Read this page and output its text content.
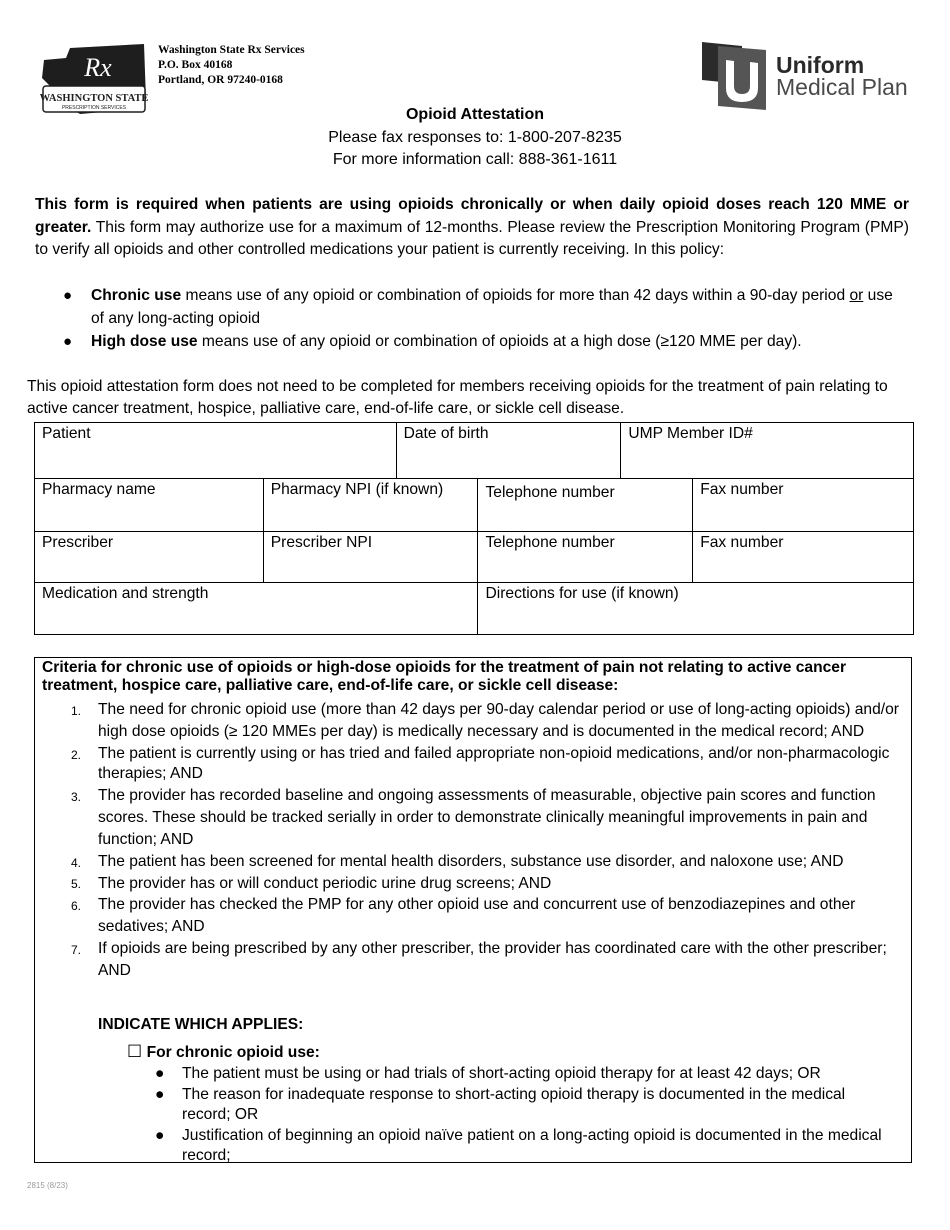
Rx
WASHINGTON STATE
PRESCRIPTION SERVICES
Washington State Rx Services
P.O. Box 40168
Portland, OR 97240-0168
Uniform
Medical Plan
Opioid Attestation
Please fax responses to: 1-800-207-8235
For more information call: 888-361-1611
This form is required when patients are using opioids chronically or when daily opioid doses reach 120 MME or greater. This form may authorize use for a maximum of 12-months. Please review the Prescription Monitoring Program (PMP) to verify all opioids and other controlled medications your patient is currently receiving. In this policy:
● Chronic use means use of any opioid or combination of opioids for more than 42 days within a 90-day period or use of any long-acting opioid
● High dose use means use of any opioid or combination of opioids at a high dose (≥120 MME per day).
This opioid attestation form does not need to be completed for members receiving opioids for the treatment of pain relating to active cancer treatment, hospice, palliative care, end-of-life care, or sickle cell disease.
Patient		Date of birth		UMP Member ID#	
Pharmacy name	Pharmacy NPI (if known)		Telephone number		Fax number
Prescriber	Prescriber NPI		Telephone number		Fax number
Medication and strength			Directions for use (if known)		
Criteria for chronic use of opioids or high-dose opioids for the treatment of pain not relating to active cancer treatment, hospice care, palliative care, end-of-life care, or sickle cell disease:
1. The need for chronic opioid use (more than 42 days per 90-day calendar period or use of long-acting opioids) and/or high dose opioids (≥ 120 MMEs per day) is medically necessary and is documented in the medical record; AND
2. The patient is currently using or has tried and failed appropriate non-opioid medications, and/or non-pharmacologic therapies; AND
3. The provider has recorded baseline and ongoing assessments of measurable, objective pain scores and function scores. These should be tracked serially in order to demonstrate clinically meaningful improvements in pain and function; AND
4. The patient has been screened for mental health disorders, substance use disorder, and naloxone use; AND
5. The provider has or will conduct periodic urine drug screens; AND
6. The provider has checked the PMP for any other opioid use and concurrent use of benzodiazepines and other sedatives; AND
7. If opioids are being prescribed by any other prescriber, the provider has coordinated care with the other prescriber; AND
INDICATE WHICH APPLIES:
☐ For chronic opioid use:
● The patient must be using or had trials of short-acting opioid therapy for at least 42 days; OR
● The reason for inadequate response to short-acting opioid therapy is documented in the medical record; OR
● Justification of beginning an opioid naïve patient on a long-acting opioid is documented in the medical record;
2815 (8/23)
